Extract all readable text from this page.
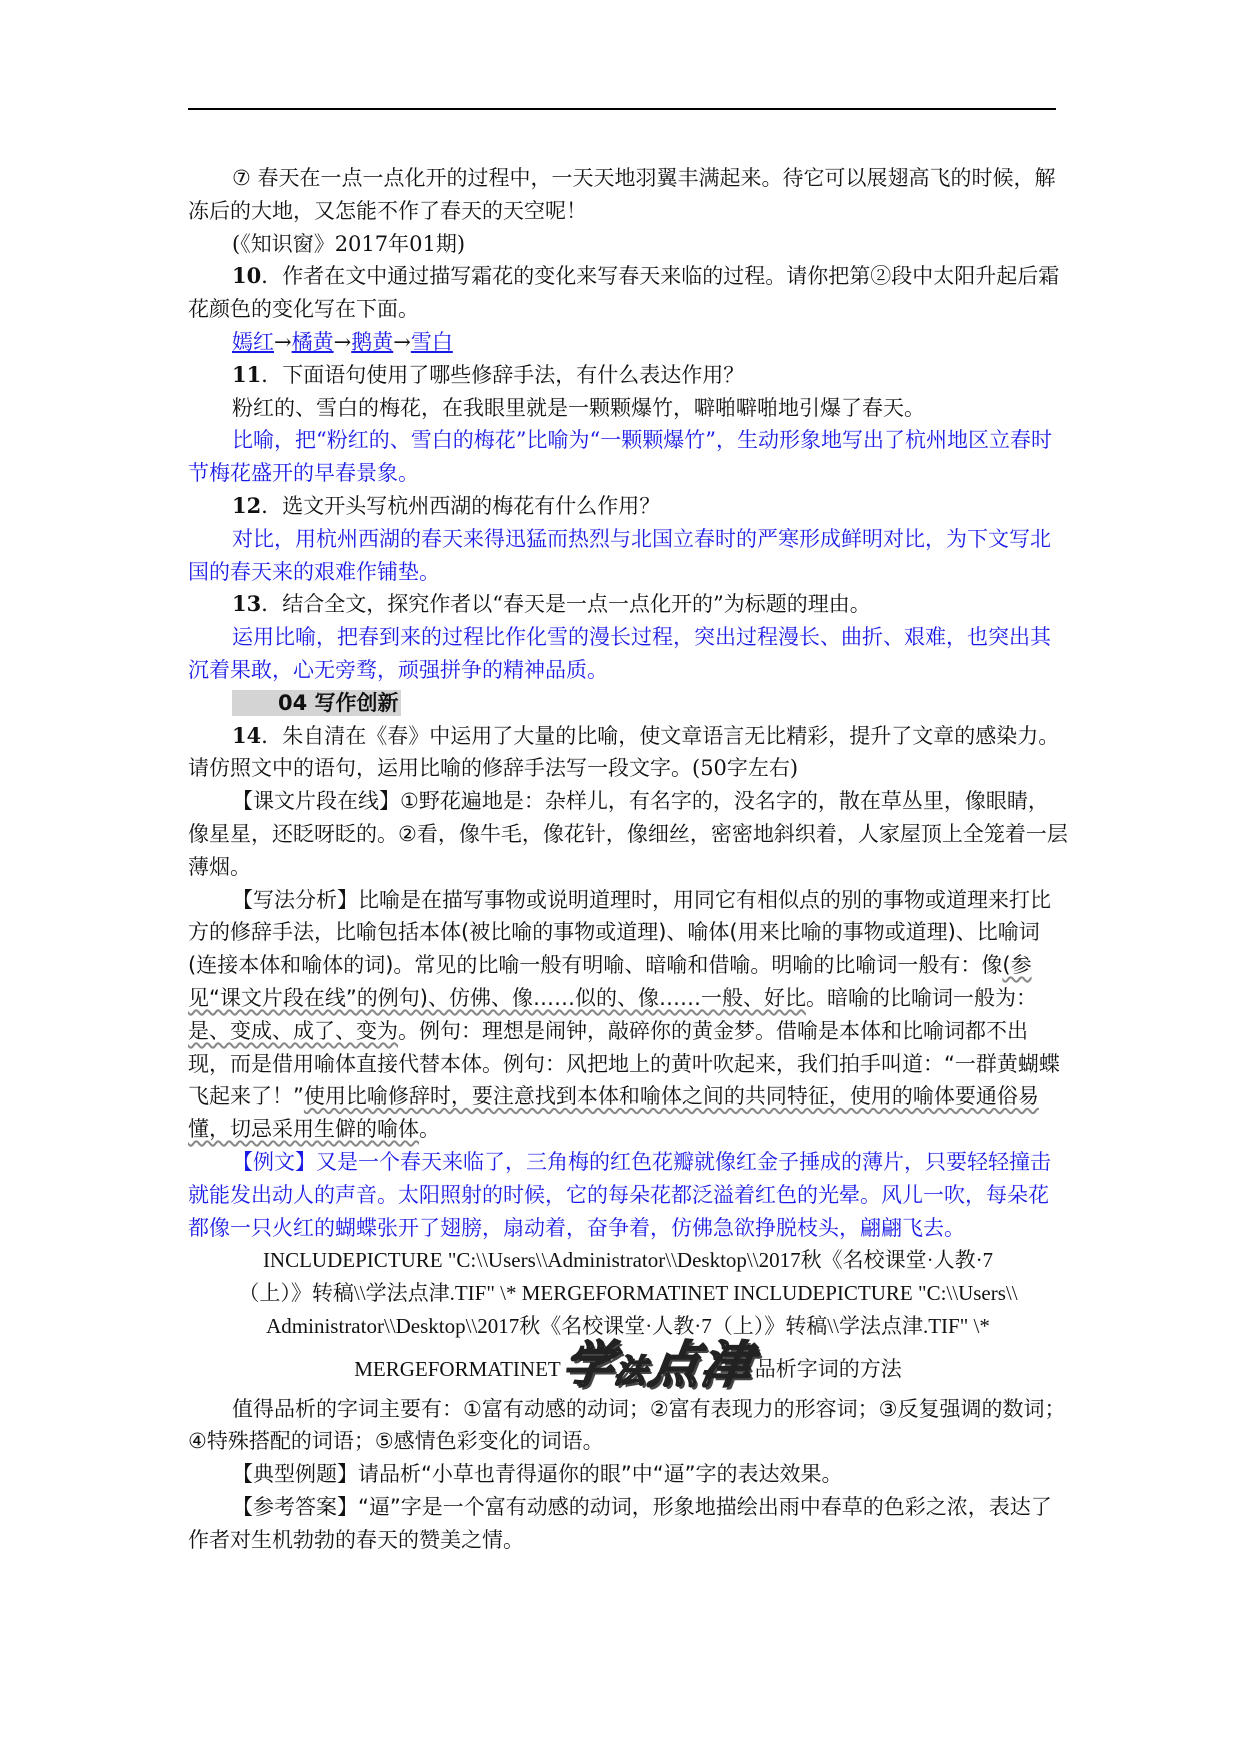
⑦ 春天在一点一点化开的过程中，一天天地羽翼丰满起来。待它可以展翅高飞的时候，解冻后的大地，又怎能不作了春天的天空呢！

(《知识窗》2017年01期)

10．作者在文中通过描写霜花的变化来写春天来临的过程。请你把第②段中太阳升起后霜花颜色的变化写在下面。

嫣红→橘黄→鹅黄→雪白

11．下面语句使用了哪些修辞手法，有什么表达作用？

粉红的、雪白的梅花，在我眼里就是一颗颗爆竹，噼啪噼啪地引爆了春天。

比喻，把“粉红的、雪白的梅花”比喻为“一颗颗爆竹”，生动形象地写出了杭州地区立春时节梅花盛开的早春景象。

12．选文开头写杭州西湖的梅花有什么作用？

对比，用杭州西湖的春天来得迅猛而热烈与北国立春时的严寒形成鲜明对比，为下文写北国的春天来的艰难作铺垫。

13．结合全文，探究作者以“春天是一点一点化开的”为标题的理由。

运用比喻，把春到来的过程比作化雪的漫长过程，突出过程漫长、曲折、艰难，也突出其沉着果敢，心无旁骛，顽强拼争的精神品质。

04 写作创新

14．朱自清在《春》中运用了大量的比喻，使文章语言无比精彩，提升了文章的感染力。请仿照文中的语句，运用比喻的修辞手法写一段文字。(50字左右)

【课文片段在线】①野花遍地是：杂样儿，有名字的，没名字的，散在草丛里，像眼睛，像星星，还眨呀眨的。②看，像牛毛，像花针，像细丝，密密地斜织着，人家屋顶上全笼着一层薄烟。

【写法分析】比喻是在描写事物或说明道理时，用同它有相似点的别的事物或道理来打比方的修辞手法，比喻包括本体(被比喻的事物或道理)、喻体(用来比喻的事物或道理)、比喻词(连接本体和喻体的词)。常见的比喻一般有明喻、暗喻和借喻。明喻的比喻词一般有：像(参见“课文片段在线”的例句)、仿佛、像……似的、像……一般、好比。暗喻的比喻词一般为：是、变成、成了、变为。例句：理想是闹钟，敲碎你的黄金梦。借喻是本体和比喻词都不出现，而是借用喻体直接代替本体。例句：风把地上的黄叶吹起来，我们拍手叫道：“一群黄蝴蝶飞起来了！”使用比喻修辞时，要注意找到本体和喻体之间的共同特征，使用的喻体要通俗易懂，切忌采用生僻的喻体。

【例文】又是一个春天来临了，三角梅的红色花瓣就像红金子捶成的薄片，只要轻轻撞击就能发出动人的声音。太阳照射的时候，它的每朵花都泛溢着红色的光晕。风儿一吹，每朵花都像一只火红的蝴蝶张开了翅膀，扇动着，奋争着，仿佛急欲挣脱枝头，翩翩飞去。

INCLUDEPICTURE "C:\\Users\\Administrator\\Desktop\\2017秋《名校课堂·人教·7

（上）》转稿\\学法点津.TIF" \* MERGEFORMATINET INCLUDEPICTURE "C:\\Users\\

Administrator\\Desktop\\2017秋《名校课堂·人教·7（上）》转稿\\学法点津.TIF" \*

MERGEFORMATINET学法点津品析字词的方法

值得品析的字词主要有：①富有动感的动词；②富有表现力的形容词；③反复强调的数词；④特殊搭配的词语；⑤感情色彩变化的词语。

【典型例题】请品析“小草也青得逼你的眼”中“逼”字的表达效果。

【参考答案】“逼”字是一个富有动感的动词，形象地描绘出雨中春草的色彩之浓，表达了作者对生机勃勃的春天的赞美之情。
